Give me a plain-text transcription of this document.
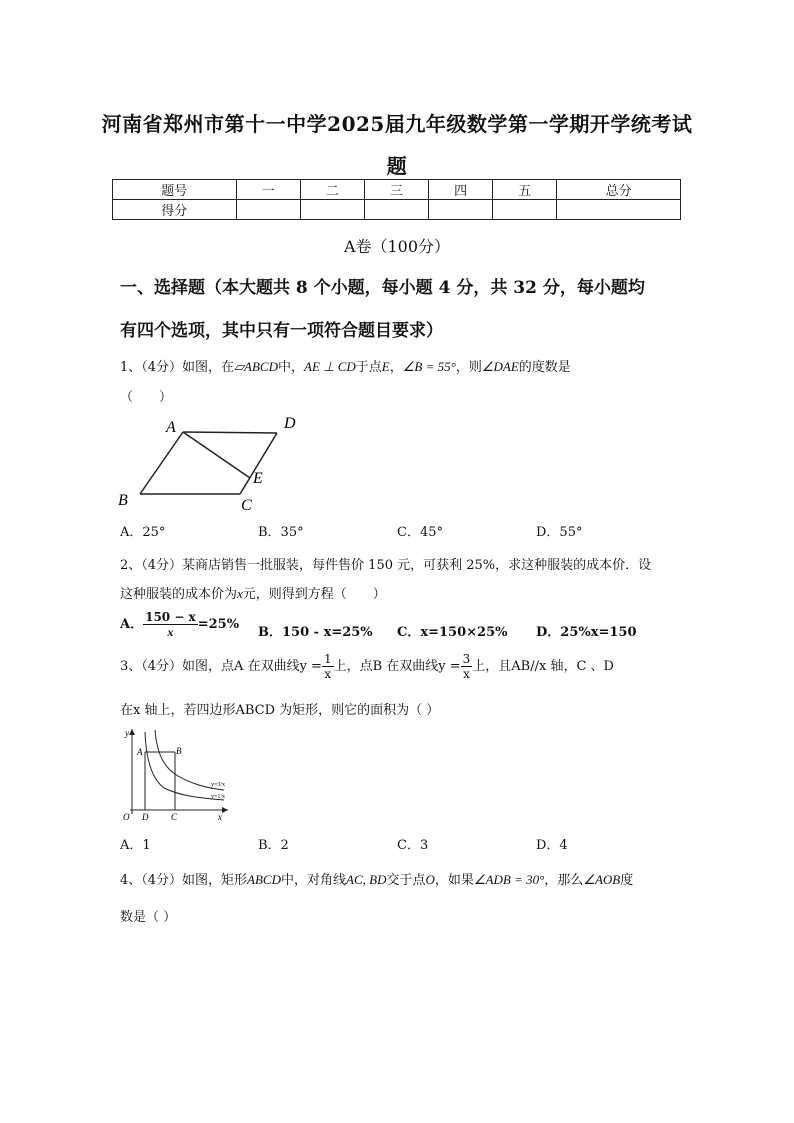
河南省郑州市第十一中学2025届九年级数学第一学期开学统考试
题
题号	一	二	三	四	五	总分
得分						
A卷（100分）
一、选择题（本大题共 8 个小题，每小题 4 分，共 32 分，每小题均
有四个选项，其中只有一项符合题目要求）
1、（4分）如图，在▱ABCD中，AE ⊥ CD于点E，∠B = 55°，则∠DAE的度数是
（　　）
A	D
E
B	C
A．25°	B．35°	C．45°	D．55°
2、（4分）某商店销售一批服装，每件售价 150 元，可获利 25%，求这种服装的成本价．设
这种服装的成本价为x元，则得到方程（　　）
A． $\frac{150 - x}{x} =25\%$
B．150 - x=25% C．x=150×25% D．25%x=150
3、（4分）如图，点A 在双曲线$y = \frac{1}{x}$ 上，点B 在双曲线$y = \frac{3}{x}$ 上，且AB//x 轴，C 、D
在x 轴上，若四边形ABCD 为矩形，则它的面积为（ ）
y
A	B
O D	C	x
y=3/x
y=1/x
A．1	B．2	C．3	D．4
4、（4分）如图，矩形ABCD中，对角线AC, BD交于点O，如果∠ADB = 30°，那么∠AOB度
数是（ ）
